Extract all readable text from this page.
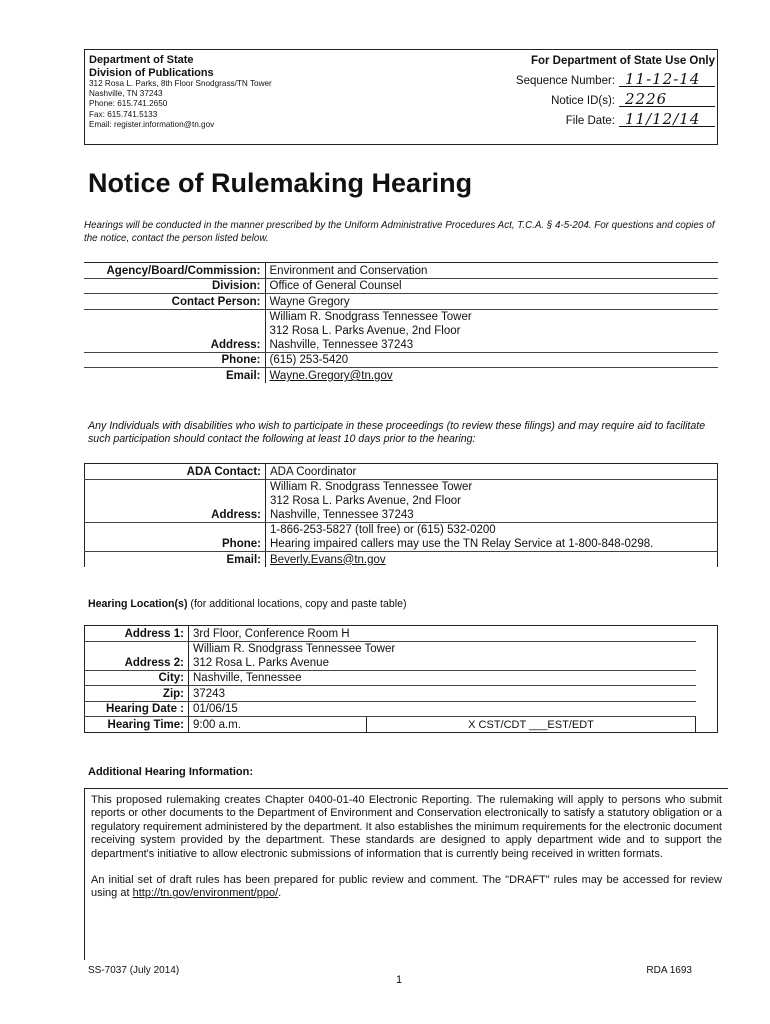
Department of State
Division of Publications
312 Rosa L. Parks, 8th Floor Snodgrass/TN Tower
Nashville, TN 37243
Phone: 615.741.2650
Fax: 615.741.5133
Email: register.information@tn.gov
For Department of State Use Only
Sequence Number: 11-12-14
Notice ID(s): 2226
File Date: 11/12/14
Notice of Rulemaking Hearing
Hearings will be conducted in the manner prescribed by the Uniform Administrative Procedures Act, T.C.A. § 4-5-204. For questions and copies of the notice, contact the person listed below.
Agency/Board/Commission:	Environment and Conservation
Division:	Office of General Counsel
Contact Person:	Wayne Gregory
Address:	William R. Snodgrass Tennessee Tower
312 Rosa L. Parks Avenue, 2nd Floor
Nashville, Tennessee 37243

Phone:	(615) 253-5420
Email:	Wayne.Gregory@tn.gov
Any Individuals with disabilities who wish to participate in these proceedings (to review these filings) and may require aid to facilitate such participation should contact the following at least 10 days prior to the hearing:
ADA Contact:	ADA Coordinator
Address:	William R. Snodgrass Tennessee Tower
312 Rosa L. Parks Avenue, 2nd Floor
Nashville, Tennessee 37243

Phone:	1-866-253-5827 (toll free) or (615) 532-0200
Hearing impaired callers may use the TN Relay Service at 1-800-848-0298.

Email:	Beverly.Evans@tn.gov
Hearing Location(s) (for additional locations, copy and paste table)
Address 1:	3rd Floor, Conference Room H		
Address 2:	William R. Snodgrass Tennessee Tower
312 Rosa L. Parks Avenue		

City:	Nashville, Tennessee		
Zip:	37243		
Hearing Date :	01/06/15		
Hearing Time:	9:00 a.m.	X CST/CDT ___EST/EDT	
Additional Hearing Information:

This proposed rulemaking creates Chapter 0400-01-40 Electronic Reporting. The rulemaking will apply to persons who submit reports or other documents to the Department of Environment and Conservation electronically to satisfy a statutory obligation or a regulatory requirement administered by the department. It also establishes the minimum requirements for the electronic document receiving system provided by the department. These standards are designed to apply department wide and to support the department's initiative to allow electronic submissions of information that is currently being received in written formats.

An initial set of draft rules has been prepared for public review and comment. The "DRAFT" rules may be accessed for review using at http://tn.gov/environment/ppo/.

SS-7037 (July 2014)
1
RDA 1693
